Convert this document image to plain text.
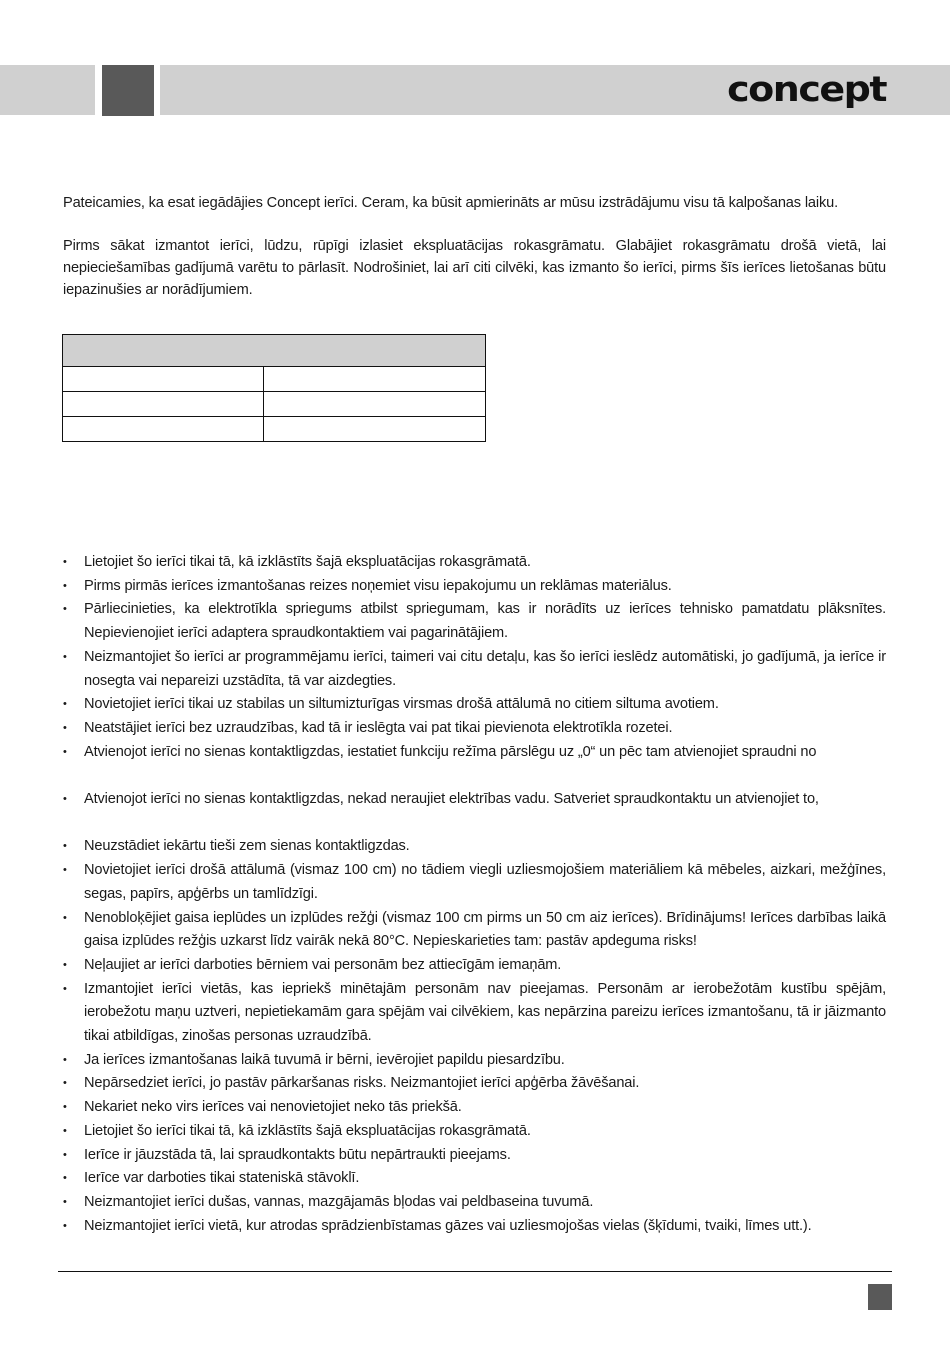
concept

Pateicamies, ka esat iegādājies Concept ierīci. Ceram, ka būsit apmierināts ar mūsu izstrādājumu visu tā kalpošanas laiku.

Pirms sākat izmantot ierīci, lūdzu, rūpīgi izlasiet ekspluatācijas rokasgrāmatu. Glabājiet rokasgrāmatu drošā vietā, lai nepieciešamības gadījumā varētu to pārlasīt. Nodrošiniet, lai arī citi cilvēki, kas izmanto šo ierīci, pirms šīs ierīces lietošanas būtu iepazinušies ar norādījumiem.

• Lietojiet šo ierīci tikai tā, kā izklāstīts šajā ekspluatācijas rokasgrāmatā.
• Pirms pirmās ierīces izmantošanas reizes noņemiet visu iepakojumu un reklāmas materiālus.
• Pārliecinieties, ka elektrotīkla spriegums atbilst spriegumam, kas ir norādīts uz ierīces tehnisko pamatdatu plāksnītes. Nepievienojiet ierīci adaptera spraudkontaktiem vai pagarinātājiem.
• Neizmantojiet šo ierīci ar programmējamu ierīci, taimeri vai citu detaļu, kas šo ierīci ieslēdz automātiski, jo gadījumā, ja ierīce ir nosegta vai nepareizi uzstādīta, tā var aizdegties.
• Novietojiet ierīci tikai uz stabilas un siltumizturīgas virsmas drošā attālumā no citiem siltuma avotiem.
• Neatstājiet ierīci bez uzraudzības, kad tā ir ieslēgta vai pat tikai pievienota elektrotīkla rozetei.
• Atvienojot ierīci no sienas kontaktligzdas, iestatiet funkciju režīma pārslēgu uz „0“ un pēc tam atvienojiet spraudni no
• Atvienojot ierīci no sienas kontaktligzdas, nekad neraujiet elektrības vadu. Satveriet spraudkontaktu un atvienojiet to,
• Neuzstādiet iekārtu tieši zem sienas kontaktligzdas.
• Novietojiet ierīci drošā attālumā (vismaz 100 cm) no tādiem viegli uzliesmojošiem materiāliem kā mēbeles, aizkari, mežģīnes, segas, papīrs, apģērbs un tamlīdzīgi.
• Nenobloķējiet gaisa ieplūdes un izplūdes režģi (vismaz 100 cm pirms un 50 cm aiz ierīces). Brīdinājums! Ierīces darbības laikā gaisa izplūdes režģis uzkarst līdz vairāk nekā 80°C. Nepieskarieties tam: pastāv apdeguma risks!
• Neļaujiet ar ierīci darboties bērniem vai personām bez attiecīgām iemaņām.
• Izmantojiet ierīci vietās, kas iepriekš minētajām personām nav pieejamas. Personām ar ierobežotām kustību spējām, ierobežotu maņu uztveri, nepietiekamām gara spējām vai cilvēkiem, kas nepārzina pareizu ierīces izmantošanu, tā ir jāizmanto tikai atbildīgas, zinošas personas uzraudzībā.
• Ja ierīces izmantošanas laikā tuvumā ir bērni, ievērojiet papildu piesardzību.
• Nepārsedziet ierīci, jo pastāv pārkaršanas risks. Neizmantojiet ierīci apģērba žāvēšanai.
• Nekariet neko virs ierīces vai nenovietojiet neko tās priekšā.
• Lietojiet šo ierīci tikai tā, kā izklāstīts šajā ekspluatācijas rokasgrāmatā.
• Ierīce ir jāuzstāda tā, lai spraudkontakts būtu nepārtraukti pieejams.
• Ierīce var darboties tikai stateniskā stāvoklī.
• Neizmantojiet ierīci dušas, vannas, mazgājamās bļodas vai peldbaseina tuvumā.
• Neizmantojiet ierīci vietā, kur atrodas sprādzienbīstamas gāzes vai uzliesmojošas vielas (šķīdumi, tvaiki, līmes utt.).
